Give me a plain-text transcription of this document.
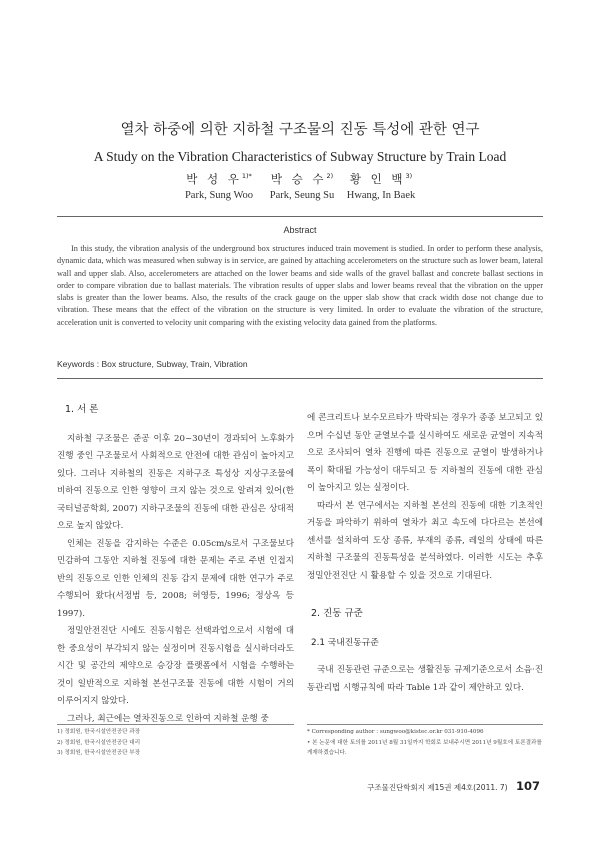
열차 하중에 의한 지하철 구조물의 진동 특성에 관한 연구
A Study on the Vibration Characteristics of Subway Structure by Train Load
박 성 우$^{1)*}$
Park, Sung Woo
박 승 수$^{2)}$
Park, Seung Su
황 인 백$^{3)}$
Hwang, In Baek
Abstract
In this study, the vibration analysis of the underground box structures induced train movement is studied. In order to perform these analysis, dynamic data, which was measured when subway is in service, are gained by attaching accelerometers on the structure such as lower beam, lateral wall and upper slab. Also, accelerometers are attached on the lower beams and side walls of the gravel ballast and concrete ballast sections in order to compare vibration due to ballast materials. The vibration results of upper slabs and lower beams reveal that the vibration on the upper slabs is greater than the lower beams. Also, the results of the crack gauge on the upper slab show that crack width dose not change due to vibration. These means that the effect of the vibration on the structure is very limited. In order to evaluate the vibration of the structure, acceleration unit is converted to velocity unit comparing with the existing velocity data gained from the platforms.
Keywords : Box structure, Subway, Train, Vibration
1. 서 론

지하철 구조물은 준공 이후 20~30년이 경과되어 노후화가 진행 중인 구조물로서 사회적으로 안전에 대한 관심이 높아지고 있다. 그러나 지하철의 진동은 지하구조 특성상 지상구조물에 비하여 진동으로 인한 영향이 크지 않는 것으로 알려져 있어(한국터널공학회, 2007) 지하구조물의 진동에 대한 관심은 상대적으로 높지 않았다.

인체는 진동을 감지하는 수준은 0.05cm/s로서 구조물보다 민감하여 그동안 지하철 진동에 대한 문제는 주로 주변 인접지반의 진동으로 인한 인체의 진동 감지 문제에 대한 연구가 주로 수행되어 왔다(서정범 등, 2008; 허영등, 1996; 정상옥 등 1997).

정밀안전진단 시에도 진동시험은 선택과업으로서 시험에 대한 중요성이 부각되지 않는 실정이며 진동시험을 실시하더라도 시간 및 공간의 제약으로 승강장 플랫폼에서 시험을 수행하는 것이 일반적으로 지하철 본선구조물 진동에 대한 시험이 거의 이루어지지 않았다.

그러나, 최근에는 열차진동으로 인하여 지하철 운행 중

에 콘크리트나 보수모르타가 박락되는 경우가 종종 보고되고 있으며 수십년 동안 균열보수를 실시하여도 새로운 균열이 지속적으로 조사되어 열차 진행에 따른 진동으로 균열이 발생하거나 폭이 확대될 가능성이 대두되고 등 지하철의 진동에 대한 관심이 높아지고 있는 실정이다.

따라서 본 연구에서는 지하철 본선의 진동에 대한 기초적인 거동을 파악하기 위하여 열차가 최고 속도에 다다르는 본선에 센서를 설치하여 도상 종류, 부재의 종류, 레일의 상태에 따른 지하철 구조물의 진동특성을 분석하였다. 이러한 시도는 추후 정밀안전진단 시 활용할 수 있을 것으로 기대된다.

2. 진동 규준
2.1 국내진동규준

국내 진동관련 규준으로는 생활진동 규제기준으로서 소음·진동관리법 시행규칙에 따라 Table 1과 같이 제안하고 있다.

1) 정회원, 한국시설안전공단 과장
2) 정회원, 한국시설안전공단 대리
3) 정회원, 한국시설안전공단 부장
* Corresponding author : sungwoo@kistec.or.kr 031-910-4096
• 본 논문에 대한 토의를 2011년 8월 31일까지 학회로 보내주시면 2011년 9월호에 토론결과를 게재하겠습니다.
구조물진단학회지 제15권 제4호(2011. 7) 107
